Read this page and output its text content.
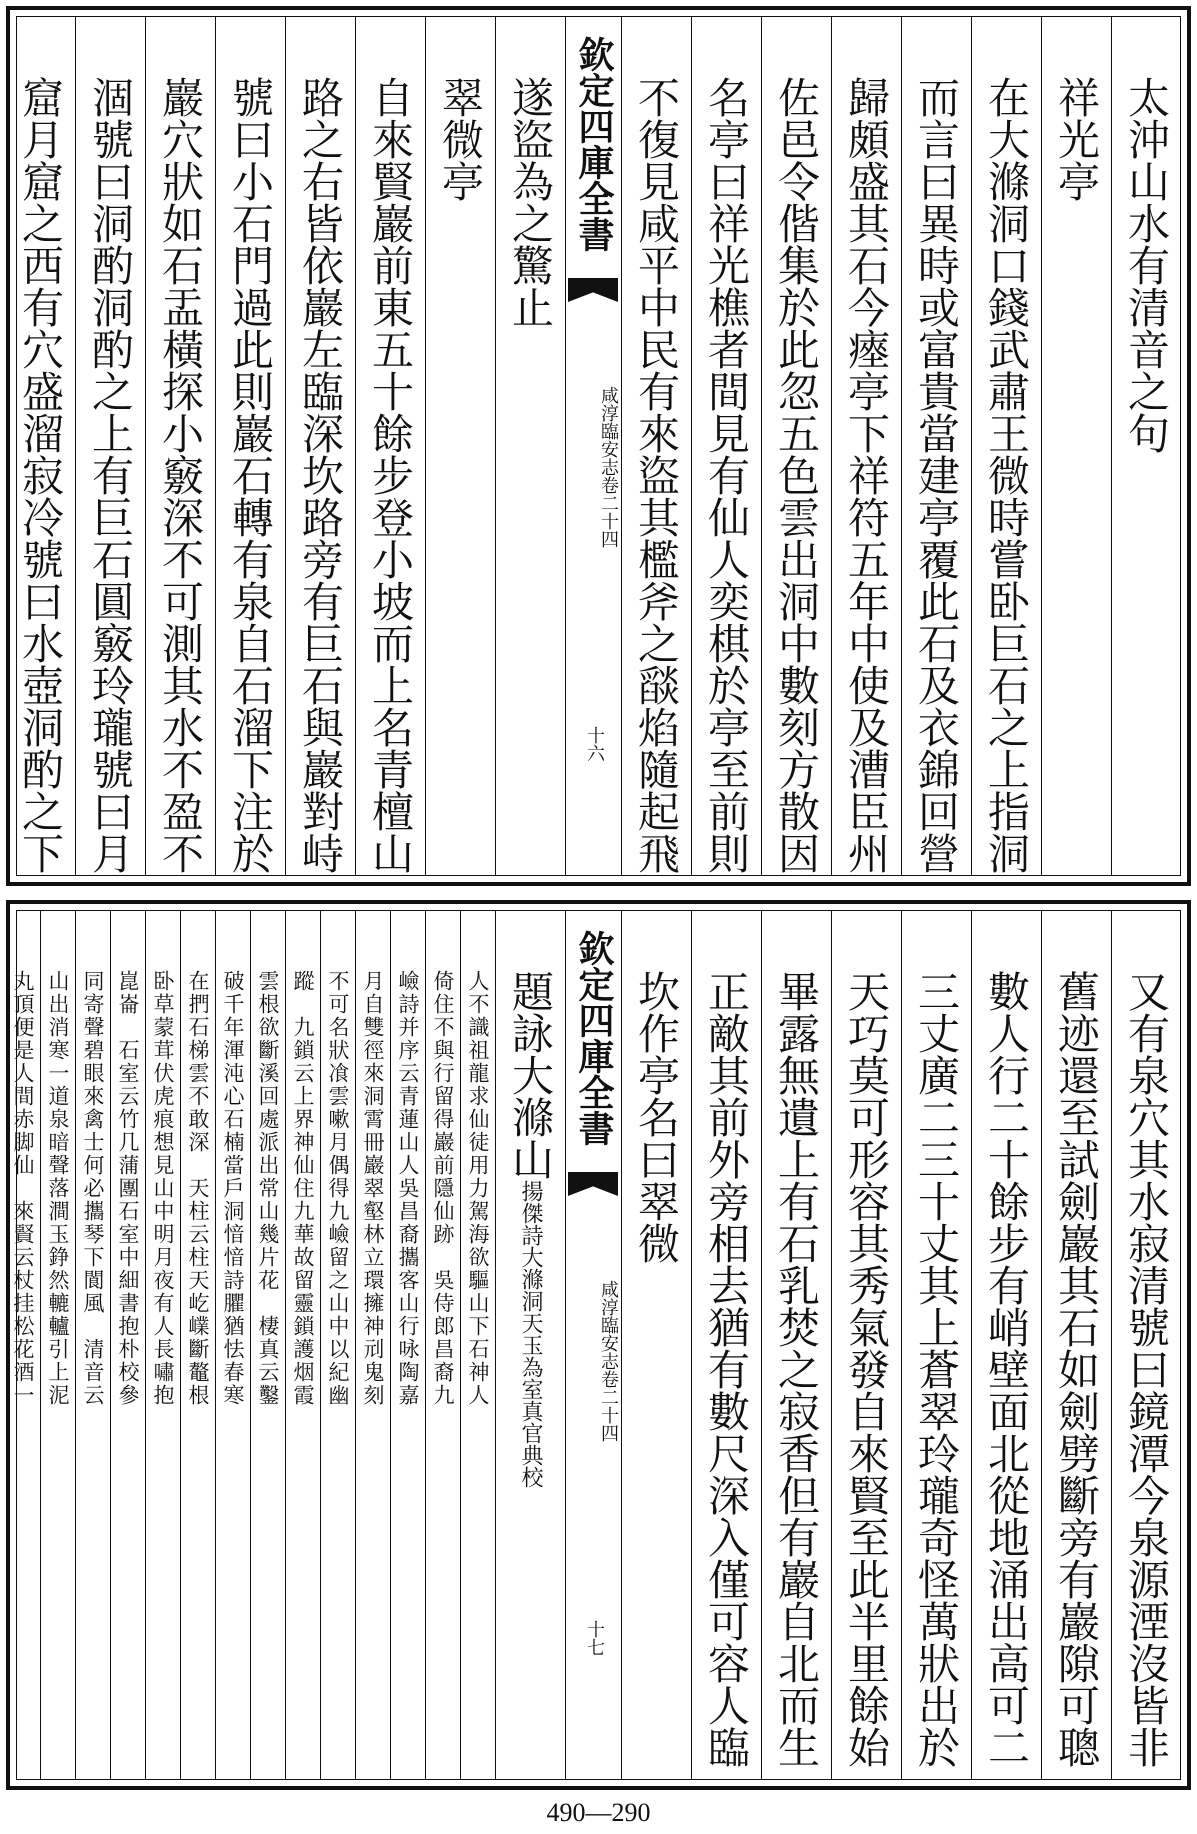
太沖山水有清音之句
祥光亭
在大滌洞口錢武肅王微時嘗卧巨石之上指洞
而言曰異時或富貴當建亭覆此石及衣錦回營
歸頗盛其石今瘞亭下祥符五年中使及漕臣州
佐邑令偕集於此忽五色雲出洞中數刻方散因
名亭曰祥光樵者間見有仙人奕棋於亭至前則
不復見咸平中民有來盜其檻斧之𦦨焰隨起飛
欽定四庫全書
咸淳臨安志卷二十四
十六
遂盜為之驚止
翠微亭
自來賢巖前東五十餘步登小坡而上名青檀山
路之右皆依巖左臨深坎路旁有巨石與巖對峙
號曰小石門過此則巖石轉有泉自石溜下注於
巖穴狀如石盂橫探小竅深不可測其水不盈不
涸號曰洞酌洞酌之上有巨石圓竅玲瓏號曰月
窟月窟之西有穴盛溜寂冷號曰水壺洞酌之下
又有泉穴其水寂清號曰鏡潭今泉源湮沒皆非
舊迹還至試劍巖其石如劍劈斷旁有巖隙可聰
數人行二十餘步有峭壁面北從地涌出高可二
三丈廣二三十丈其上蒼翠玲瓏奇怪萬狀出於
天巧莫可形容其秀氣發自來賢至此半里餘始
畢露無遺上有石乳焚之寂香但有巖自北而生
正敵其前外旁相去猶有數尺深入僅可容人臨
坎作亭名曰翠微
欽定四庫全書
咸淳臨安志卷二十四
十七
題詠大滌山揚傑詩大滌洞天玉為室真官典校
人不識祖龍求仙徒用力駕海欲驅山下石神人
倚住不與行留得巖前隱仙跡　吳侍郎昌裔九
嶮詩并序云青蓮山人吳昌裔攜客山行咏陶嘉
月自雙徑來洞霄冊巖翠壑林立環擁神刓鬼刻
不可名狀飡雲嗽月偶得九嶮留之山中以紀幽
蹤　九鎖云上界神仙住九華故留靈鎖護烟霞
雲根欲斷溪回處派出常山幾片花　棲真云鑿
破千年渾沌心石楠當戶洞愔愔詩臞猶怯春寒
在捫石梯雲不敢深　天柱云柱天屹嶫斷鼇根
卧草蒙茸伏虎痕想見山中明月夜有人長嘯抱
崑崙　石室云竹几蒲團石室中細書抱朴校參
同寄聲碧眼來禽士何必攜琴下閬風　清音云
山出消寒一道泉暗聲落澗玉錚然轆轤引上泥
丸頂便是人間赤脚仙　來賢云杖挂松花酒一
490—290
